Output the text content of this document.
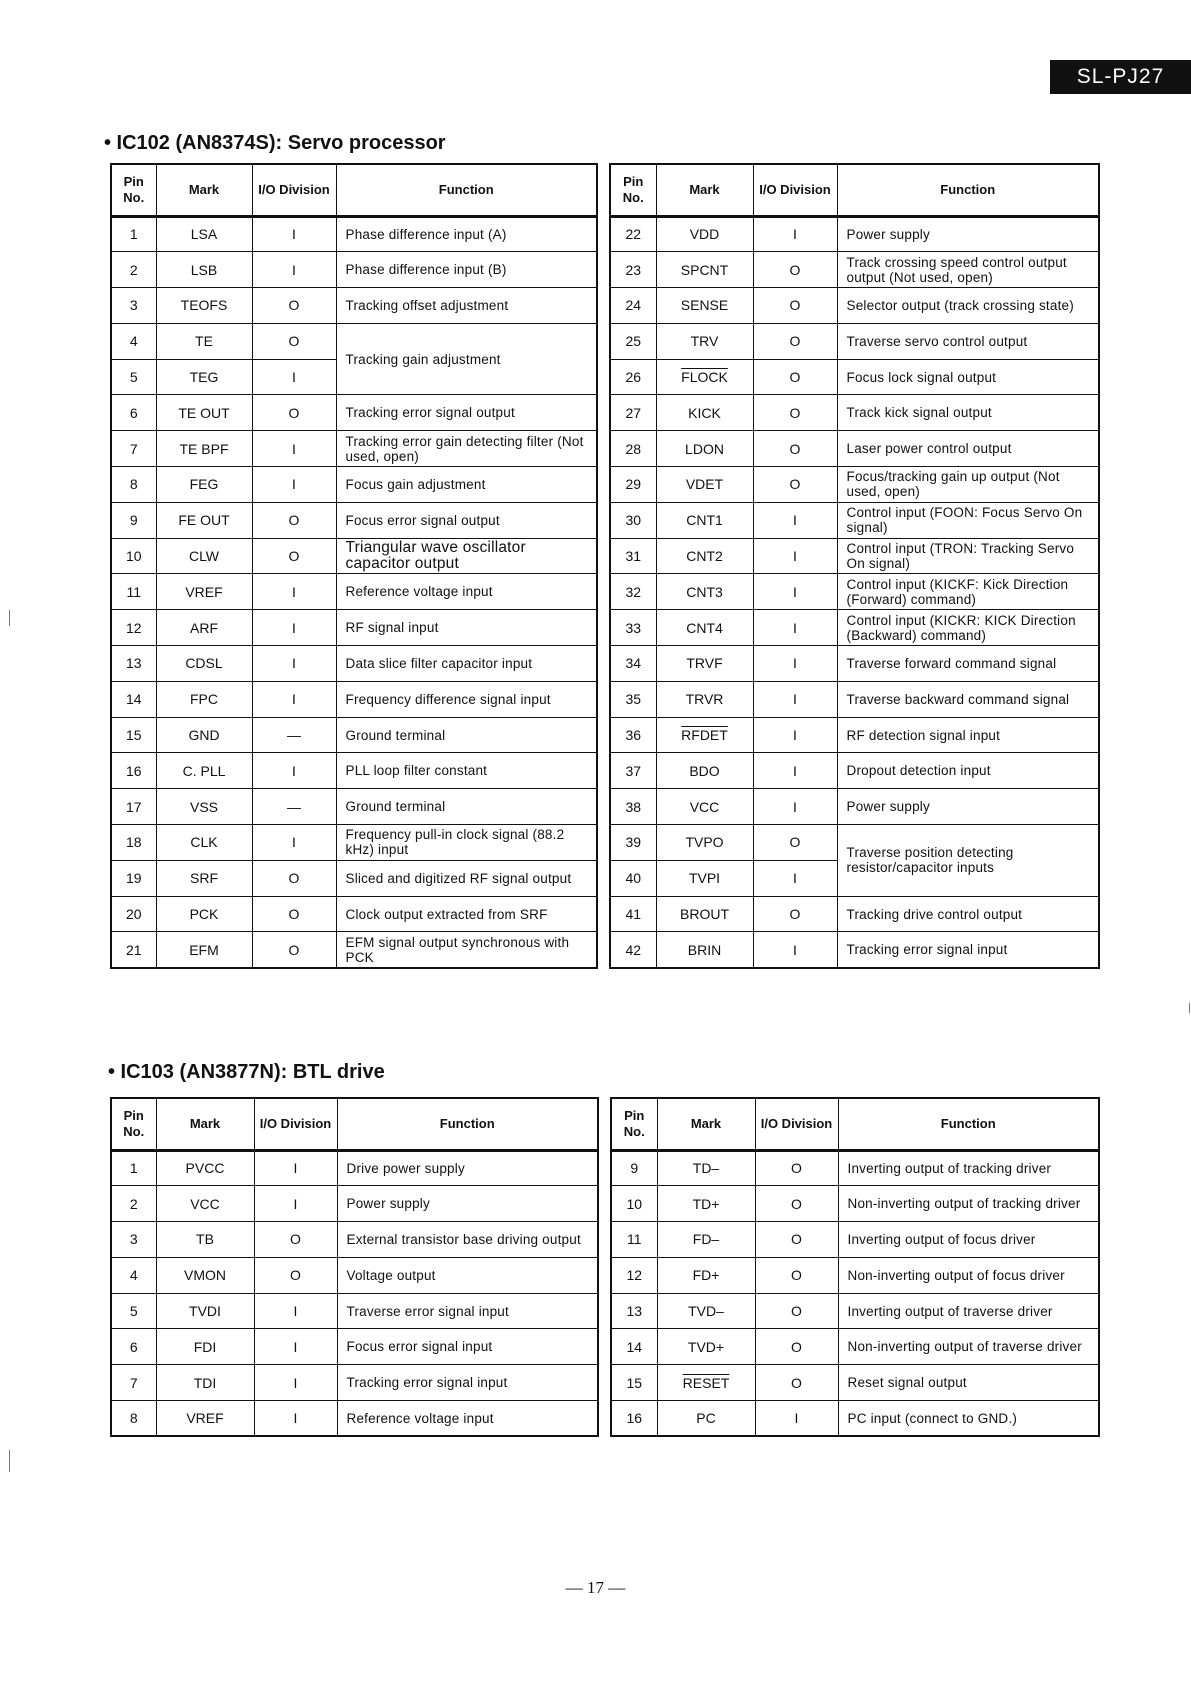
SL-PJ27
• IC102 (AN8374S): Servo processor
Pin No.	Mark	I/O Division	Function
1	LSA	I	Phase difference input (A)
2	LSB	I	Phase difference input (B)
3	TEOFS	O	Tracking offset adjustment
4	TE	O	Tracking gain adjustment
5	TEG	I	
6	TE OUT	O	Tracking error signal output
7	TE BPF	I	Tracking error gain detecting filter (Not used, open)
8	FEG	I	Focus gain adjustment
9	FE OUT	O	Focus error signal output
10	CLW	O	Triangular wave oscillator capacitor output
11	VREF	I	Reference voltage input
12	ARF	I	RF signal input
13	CDSL	I	Data slice filter capacitor input
14	FPC	I	Frequency difference signal input
15	GND	—	Ground terminal
16	C. PLL	I	PLL loop filter constant
17	VSS	—	Ground terminal
18	CLK	I	Frequency pull-in clock signal (88.2 kHz) input
19	SRF	O	Sliced and digitized RF signal output
20	PCK	O	Clock output extracted from SRF
21	EFM	O	EFM signal output synchronous with PCK
Pin No.	Mark	I/O Division	Function
22	VDD	I	Power supply
23	SPCNT	O	Track crossing speed control output output (Not used, open)
24	SENSE	O	Selector output (track crossing state)
25	TRV	O	Traverse servo control output
26	FLOCK	O	Focus lock signal output
27	KICK	O	Track kick signal output
28	LDON	O	Laser power control output
29	VDET	O	Focus/tracking gain up output (Not used, open)
30	CNT1	I	Control input (FOON: Focus Servo On signal)
31	CNT2	I	Control input (TRON: Tracking Servo On signal)
32	CNT3	I	Control input (KICKF: Kick Direction (Forward) command)
33	CNT4	I	Control input (KICKR: KICK Direction (Backward) command)
34	TRVF	I	Traverse forward command signal
35	TRVR	I	Traverse backward command signal
36	RFDET	I	RF detection signal input
37	BDO	I	Dropout detection input
38	VCC	I	Power supply
39	TVPO	O	Traverse position detecting resistor/capacitor inputs
40	TVPI	I	
41	BROUT	O	Tracking drive control output
42	BRIN	I	Tracking error signal input
• IC103 (AN3877N): BTL drive
Pin No.	Mark	I/O Division	Function
1	PVCC	I	Drive power supply
2	VCC	I	Power supply
3	TB	O	External transistor base driving output
4	VMON	O	Voltage output
5	TVDI	I	Traverse error signal input
6	FDI	I	Focus error signal input
7	TDI	I	Tracking error signal input
8	VREF	I	Reference voltage input
Pin No.	Mark	I/O Division	Function
9	TD–	O	Inverting output of tracking driver
10	TD+	O	Non-inverting output of tracking driver
11	FD–	O	Inverting output of focus driver
12	FD+	O	Non-inverting output of focus driver
13	TVD–	O	Inverting output of traverse driver
14	TVD+	O	Non-inverting output of traverse driver
15	RESET	O	Reset signal output
16	PC	I	PC input (connect to GND.)
— 17 —
